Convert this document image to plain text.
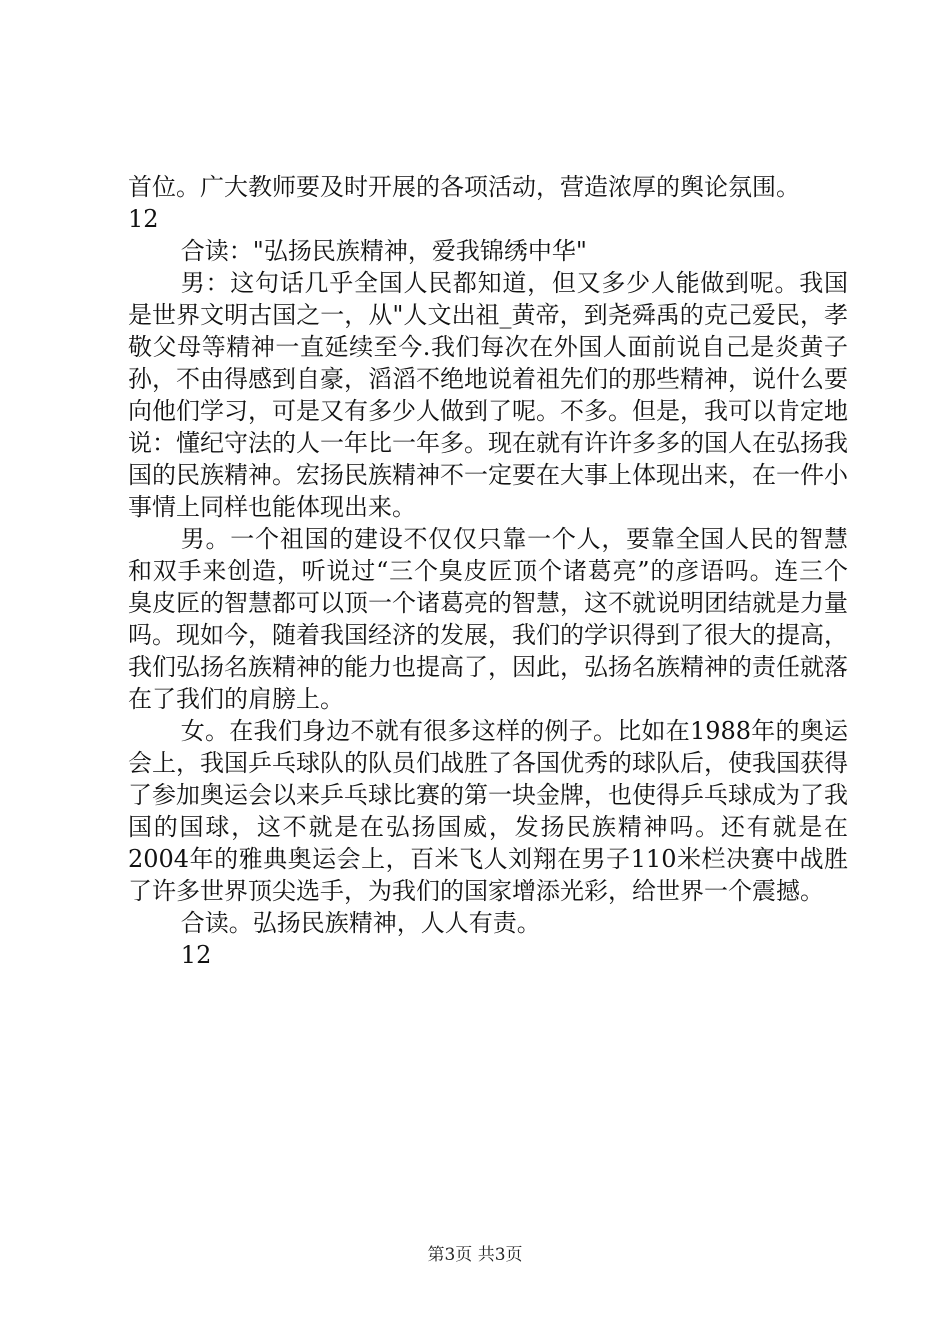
首位。广大教师要及时开展的各项活动，营造浓厚的舆论氛围。

12

合读："弘扬民族精神，爱我锦绣中华"

男：这句话几乎全国人民都知道，但又多少人能做到呢。我国是世界文明古国之一，从"人文出祖_黄帝，到尧舜禹的克己爱民，孝敬父母等精神一直延续至今.我们每次在外国人面前说自己是炎黄子孙，不由得感到自豪，滔滔不绝地说着祖先们的那些精神，说什么要向他们学习，可是又有多少人做到了呢。不多。但是，我可以肯定地说：懂纪守法的人一年比一年多。现在就有许许多多的国人在弘扬我国的民族精神。宏扬民族精神不一定要在大事上体现出来，在一件小事情上同样也能体现出来。

男。一个祖国的建设不仅仅只靠一个人，要靠全国人民的智慧和双手来创造，听说过“三个臭皮匠顶个诸葛亮”的彦语吗。连三个臭皮匠的智慧都可以顶一个诸葛亮的智慧，这不就说明团结就是力量吗。现如今，随着我国经济的发展，我们的学识得到了很大的提高，我们弘扬名族精神的能力也提高了，因此，弘扬名族精神的责任就落在了我们的肩膀上。

女。在我们身边不就有很多这样的例子。比如在1988年的奥运会上，我国乒乓球队的队员们战胜了各国优秀的球队后，使我国获得了参加奥运会以来乒乓球比赛的第一块金牌，也使得乒乓球成为了我国的国球，这不就是在弘扬国威，发扬民族精神吗。还有就是在2004年的雅典奥运会上，百米飞人刘翔在男子110米栏决赛中战胜了许多世界顶尖选手，为我们的国家增添光彩，给世界一个震撼。

合读。弘扬民族精神，人人有责。

12

第3页 共3页
